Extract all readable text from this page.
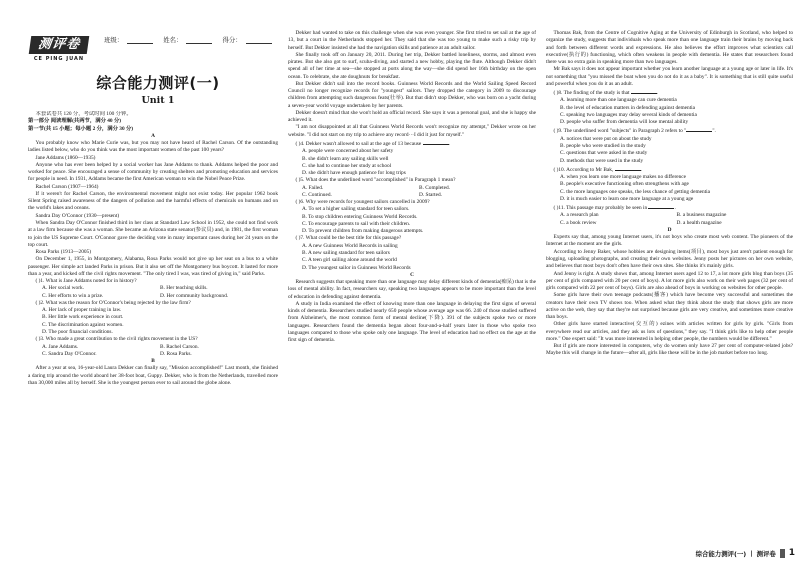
测评卷
CE PING JUAN
班级：	姓名：	得分：
综合能力测评(一)
Unit 1

本套试卷共 120 分，考试时间 100 分钟。

第一部分 阅读理解(共两节，满分 40 分)

第一节(共 15 小题；每小题 2 分，满分 30 分)

A

You probably know who Marie Curie was, but you may not have heard of Rachel Carson. Of the outstanding ladies listed below, who do you think was the most important women of the past 100 years?

Jane Addams (1860—1935)

Anyone who has ever been helped by a social worker has Jane Addams to thank. Addams helped the poor and worked for peace. She encouraged a sense of community by creating shelters and promoting education and services for people in need. In 1931, Addams became the first American woman to win the Nobel Peace Prize.

Rachel Carson (1907—1964)

If it weren't for Rachel Carson, the environmental movement might not exist today. Her popular 1962 book Silent Spring raised awareness of the dangers of pollution and the harmful effects of chemicals on humans and on the world's lakes and oceans.

Sandra Day O'Connor (1930—present)

When Sandra Day O'Connor finished third in her class at Standard Law School in 1952, she could not find work at a law firm because she was a woman. She became an Arizona state senator(参议员) and, in 1981, the first woman to join the US Supreme Court. O'Connor gave the deciding vote in many important cases during her 24 years on the top court.

Rosa Parks (1913—2005)

On December 1, 1955, in Montgomery, Alabama, Rosa Parks would not give up her seat on a bus to a white passenger. Her simple act landed Parks in prison. But it also set off the Montgomery bus boycott. It lasted for more than a year, and kicked off the civil rights movement. "The only tired I was, was tired of giving in," said Parks.

( )1. What is Jane Addams noted for in history?

A. Her social work.	B. Her teaching skills.
C. Her efforts to win a prize.	D. Her community background.

( )2. What was the reason for O'Connor's being rejected by the law firm?

A. Her lack of proper training in law.
B. Her little work experience in court.
C. The discrimination against women.
D. The poor financial conditions.

( )3. Who made a great contribution to the civil rights movement in the US?

A. Jane Addams.	B. Rachel Carson.
C. Sandra Day O'Connor.	D. Rosa Parks.

B

After a year at sea, 16-year-old Laura Dekker can finally say, "Mission accomplished!" Last month, she finished a daring trip around the world aboard her 38-foot boat, Guppy. Dekker, who is from the Netherlands, travelled more than 30,000 miles all by herself. She is the youngest person ever to sail around the globe alone.

Dekker had wanted to take on this challenge when she was even younger. She first tried to set sail at the age of 13, but a court in the Netherlands stopped her. They said that she was too young to make such a risky trip by herself. But Dekker insisted she had the navigation skills and patience at an adult sailor.

She finally took off on January 20, 2011. During her trip, Dekker battled loneliness, storms, and almost even pirates. But she also got to surf, scuba-diving, and started a new hobby, playing the flute. Although Dekker didn't spend all of her time at sea—she stopped at ports along the way—she did spend her 16th birthday on the open ocean. To celebrate, she ate doughnuts for breakfast.

But Dekker didn't sail into the record books. Guinness World Records and the World Sailing Speed Record Council no longer recognize records for "youngest" sailors. They dropped the category in 2009 to discourage children from attempting such dangerous feats(壮举). But that didn't stop Dekker, who was born on a yacht during a seven-year world voyage undertaken by her parents.

Dekker doesn't mind that she won't hold an official record. She says it was a personal goal, and she is happy she achieved it.

"I am not disappointed at all that Guinness World Records won't recognize my attempt," Dekker wrote on her website. "I did not start on my trip to achieve any record···I did it just for myself."

( )4. Dekker wasn't allowed to sail at the age of 13 because	.

A. people were concerned about her safety
B. she didn't learn any sailing skills well
C. she had to continue her study at school
D. she didn't have enough patience for long trips

( )5. What does the underlined word "accomplished" in Paragraph 1 mean?

A. Failed.	B. Completed.
C. Continued.	D. Started.

( )6. Why were records for youngest sailors cancelled in 2009?

A. To set a higher sailing standard for teen sailors.
B. To stop children entering Guinness World Records.
C. To encourage parents to sail with their children.
D. To prevent children from making dangerous attempts.

( )7. What could be the best title for this passage?

A. A new Guinness World Records in sailing
B. A new sailing standard for teen sailors
C. A teen girl sailing alone around the world
D. The youngest sailor in Guinness World Records

C

Research suggests that speaking more than one language may delay different kinds of dementia(痴呆) that is the loss of mental ability. In fact, researchers say, speaking two languages appears to be more important than the level of education in defending against dementia.

A study in India examined the effect of knowing more than one language in delaying the first signs of several kinds of dementia. Researchers studied nearly 650 people whose average age was 66. 240 of those studied suffered from Alzheimer's, the most common form of mental decline(下降). 391 of the subjects spoke two or more languages. Researchers found the dementia began about four-and-a-half years later in those who spoke two languages compared to those who spoke only one language. The level of education had no effect on the age at the first sign of dementia.

Thomas Bak, from the Centre of Cognitive Aging at the University of Edinburgh in Scotland, who helped to organize the study, suggests that individuals who speak more than one language train their brains by moving back and forth between different words and expressions. He also believes the effort improves what scientists call executive(执行的) functioning, which often weakens in people with dementia. He states that researchers found there was no extra gain in speaking more than two languages.

Mr Bak says it does not appear important whether you learn another language at a young age or later in life. It's not something that "you missed the boat when you do not do it as a baby". It is something that is still quite useful and powerful when you do it as an adult.

( )8. The finding of the study is that	.

A. learning more than one language can cure dementia
B. the level of education matters in defending against dementia
C. speaking two languages may delay several kinds of dementia
D. people who suffer from dementia will lose mental ability

( )9. The underlined word "subjects" in Paragraph 2 refers to "	".

A. notices that were put on about the study
B. people who were studied in the study
C. questions that were asked in the study
D. methods that were used in the study

( )10. According to Mr Bak,	.

A. when you learn one more language makes no difference
B. people's executive functioning often strengthens with age
C. the more languages one speaks, the less chance of getting dementia
D. it is much easier to learn one more language at a young age

( )11. This passage may probably be seen in	.

A. a research plan	B. a business magazine
C. a book review	D. a health magazine

D

Experts say that, among young Internet users, it's not boys who create most web content. The pioneers of the Internet at the moment are the girls.

According to Jenny Baker, whose hobbies are designing items(项目), most boys just aren't patient enough for blogging, uploading photographs, and creating their own websites. Jenny posts her pictures on her own website, and believes that most boys don't often have their own sites. She thinks it's mainly girls.

And Jenny is right. A study shows that, among Internet users aged 12 to 17, a lot more girls blog than boys (35 per cent of girls compared with 20 per cent of boys). A lot more girls also work on their web pages (32 per cent of girls compared with 22 per cent of boys). Girls are also ahead of boys in working on websites for other people.

Some girls have their own teenage podcasts(播客) which have become very successful and sometimes the creators have their own TV shows too. When asked what they think about the study that shows girls are more active on the web, they say that they're not surprised because girls are very creative, and sometimes more creative than boys.

Other girls have started interactive(交互的) ezines with articles written for girls by girls. "Girls from everywhere read our articles, and they ask us lots of questions," they say. "I think girls like to help other people more." One expert said: "It was more interested in helping other people, the numbers would be different."

But if girls are more interested in computers, why do women only have 27 per cent of computer-related jobs? Maybe this will change in the future—after all, girls like these will be in the job market before too long.

综合能力测评(一) | 测评卷 1
